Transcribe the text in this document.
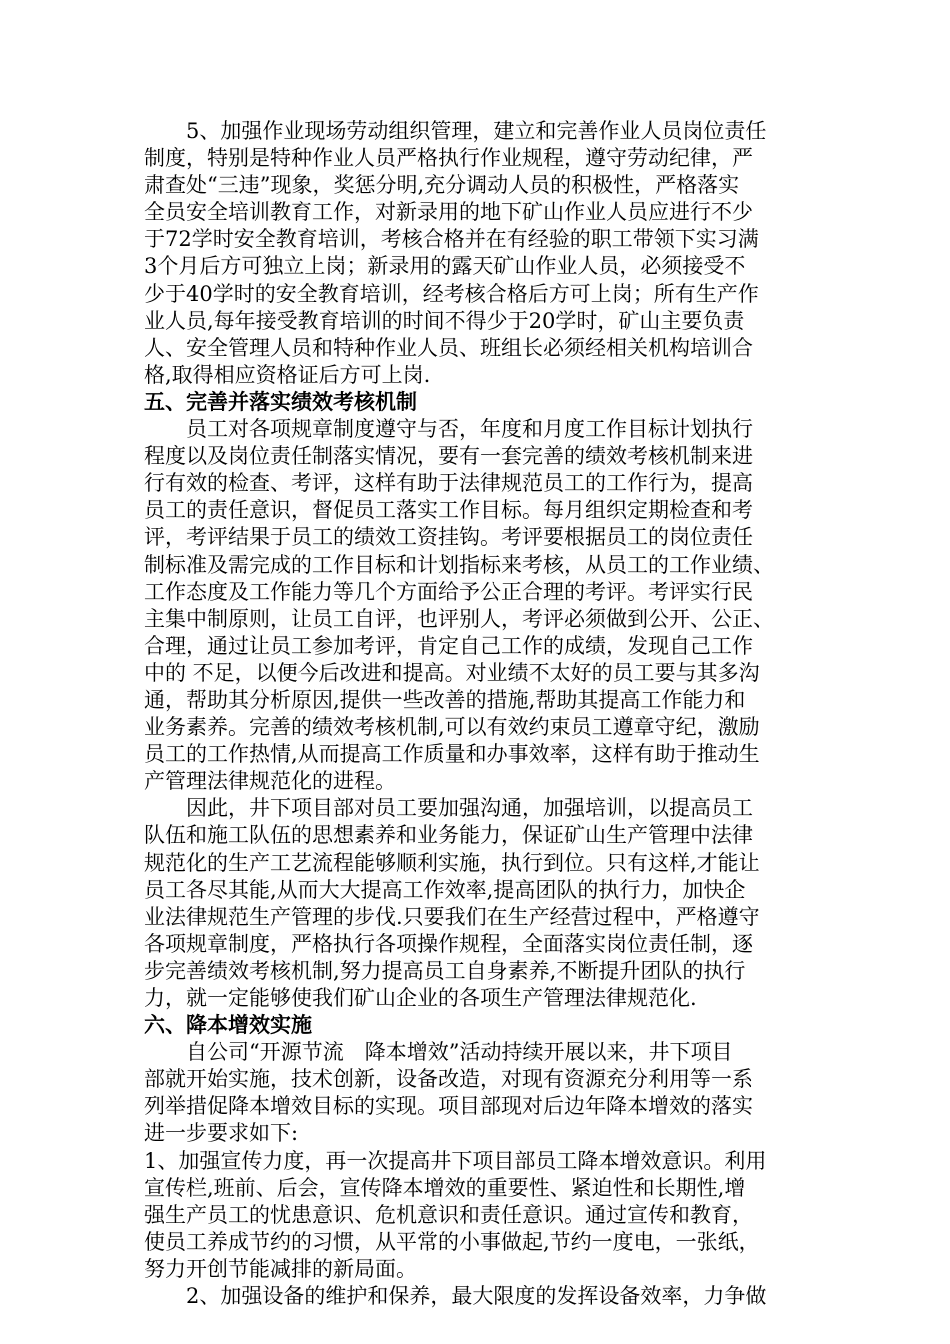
5、加强作业现场劳动组织管理，建立和完善作业人员岗位责任
制度，特别是特种作业人员严格执行作业规程，遵守劳动纪律，严
肃查处“三违”现象，奖惩分明,充分调动人员的积极性，严格落实
全员安全培训教育工作，对新录用的地下矿山作业人员应进行不少
于72学时安全教育培训，考核合格并在有经验的职工带领下实习满
3个月后方可独立上岗；新录用的露天矿山作业人员，必须接受不
少于40学时的安全教育培训，经考核合格后方可上岗；所有生产作
业人员,每年接受教育培训的时间不得少于20学时，矿山主要负责
人、安全管理人员和特种作业人员、班组长必须经相关机构培训合
格,取得相应资格证后方可上岗.
五、完善并落实绩效考核机制
员工对各项规章制度遵守与否，年度和月度工作目标计划执行
程度以及岗位责任制落实情况，要有一套完善的绩效考核机制来进
行有效的检查、考评，这样有助于法律规范员工的工作行为，提高
员工的责任意识，督促员工落实工作目标。每月组织定期检查和考
评，考评结果于员工的绩效工资挂钩。考评要根据员工的岗位责任
制标准及需完成的工作目标和计划指标来考核，从员工的工作业绩、
工作态度及工作能力等几个方面给予公正合理的考评。考评实行民
主集中制原则，让员工自评，也评别人，考评必须做到公开、公正、
合理，通过让员工参加考评，肯定自己工作的成绩，发现自己工作
中的 不足，以便今后改进和提高。对业绩不太好的员工要与其多沟
通，帮助其分析原因,提供一些改善的措施,帮助其提高工作能力和
业务素养。完善的绩效考核机制,可以有效约束员工遵章守纪，激励
员工的工作热情,从而提高工作质量和办事效率，这样有助于推动生
产管理法律规范化的进程。
因此，井下项目部对员工要加强沟通，加强培训，以提高员工
队伍和施工队伍的思想素养和业务能力，保证矿山生产管理中法律
规范化的生产工艺流程能够顺利实施，执行到位。只有这样,才能让
员工各尽其能,从而大大提高工作效率,提高团队的执行力，加快企
业法律规范生产管理的步伐.只要我们在生产经营过程中，严格遵守
各项规章制度，严格执行各项操作规程，全面落实岗位责任制，逐
步完善绩效考核机制,努力提高员工自身素养,不断提升团队的执行
力，就一定能够使我们矿山企业的各项生产管理法律规范化.
六、降本增效实施
自公司“开源节流　降本增效”活动持续开展以来，井下项目
部就开始实施，技术创新，设备改造，对现有资源充分利用等一系
列举措促降本增效目标的实现。项目部现对后边年降本增效的落实
进一步要求如下:
1、加强宣传力度，再一次提高井下项目部员工降本增效意识。利用
宣传栏,班前、后会，宣传降本增效的重要性、紧迫性和长期性,增
强生产员工的忧患意识、危机意识和责任意识。通过宣传和教育，
使员工养成节约的习惯，从平常的小事做起,节约一度电，一张纸，
努力开创节能减排的新局面。
2、加强设备的维护和保养，最大限度的发挥设备效率，力争做
